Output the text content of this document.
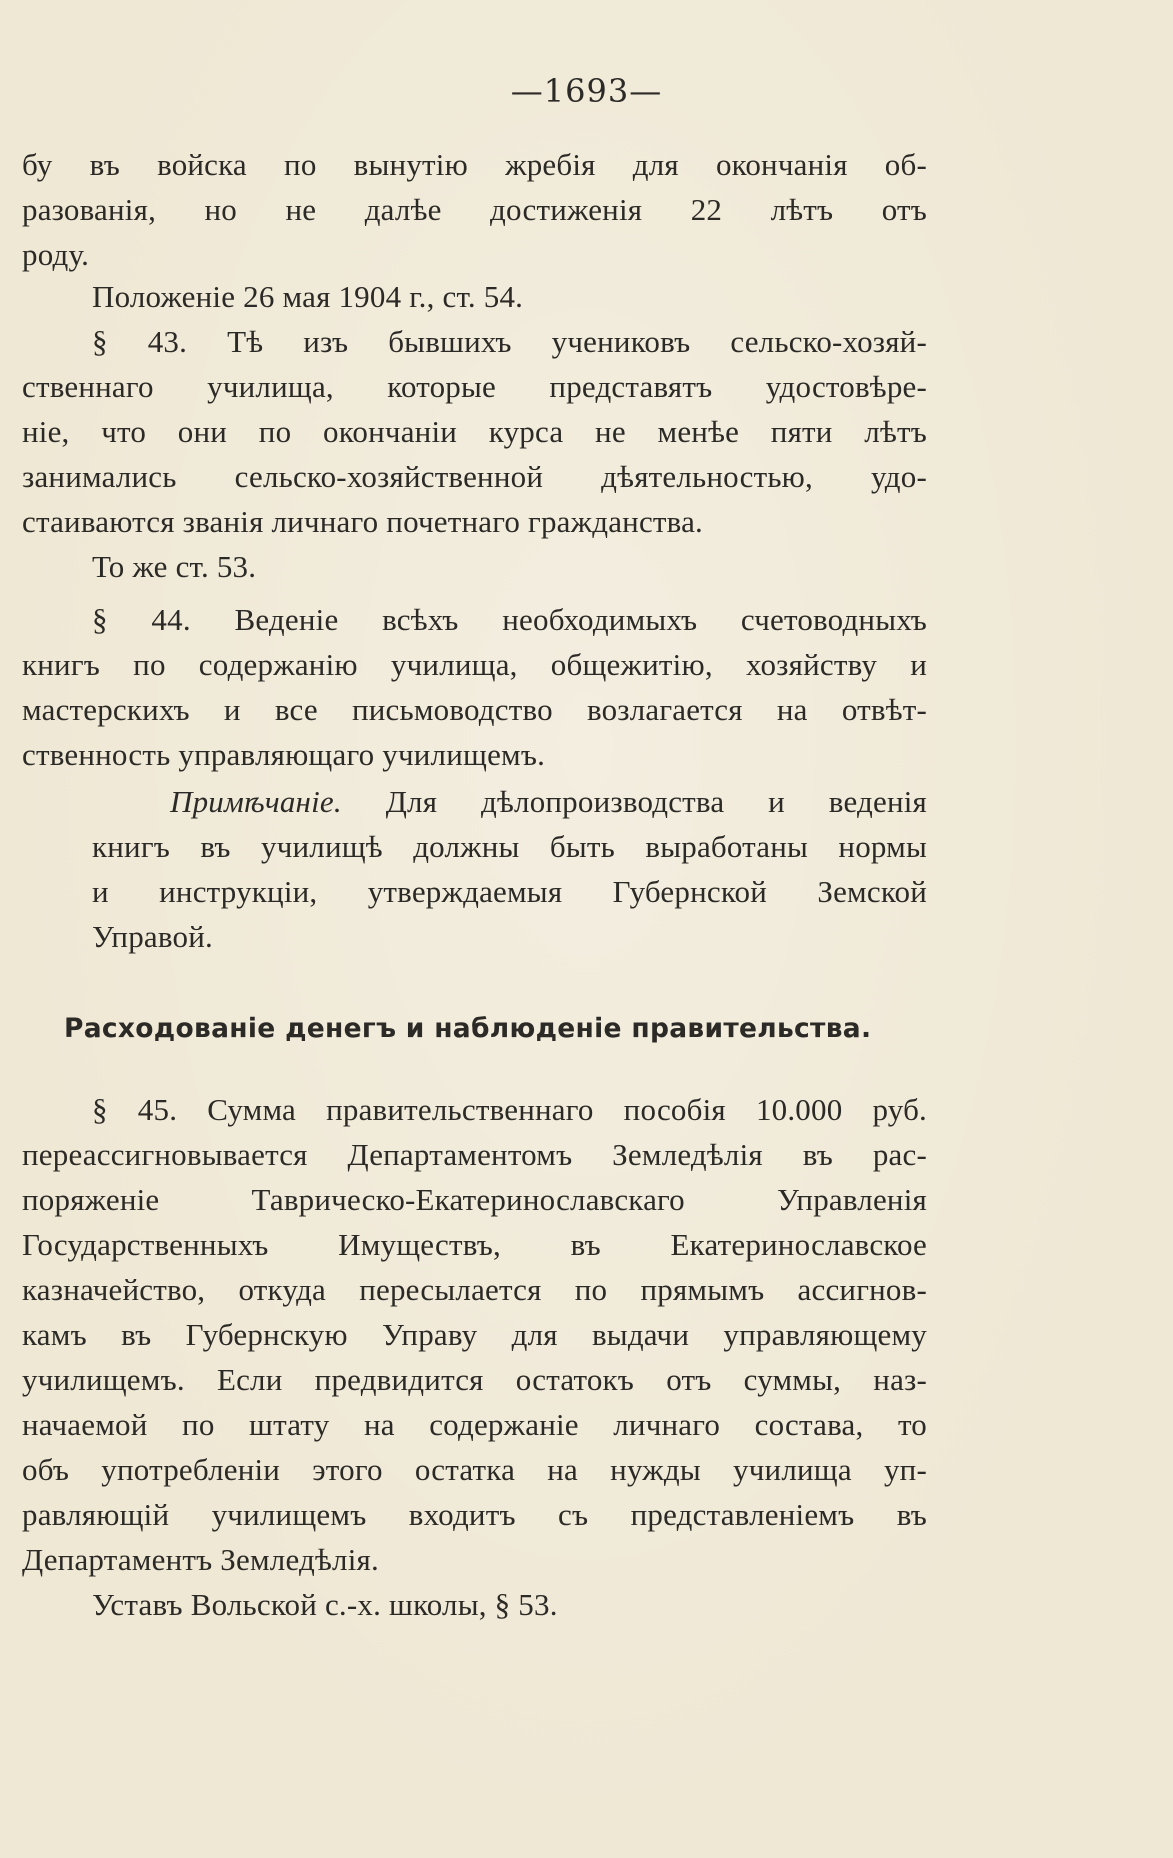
—1693—
бу въ войска по вынутію жребія для окончанія об-
разованія, но не далѣе достиженія 22 лѣтъ отъ
роду.
Положеніе 26 мая 1904 г., ст. 54.
§ 43. Тѣ изъ бывшихъ учениковъ сельско-хозяй-
ственнаго училища, которые представятъ удостовѣре-
ніе, что они по окончаніи курса не менѣе пяти лѣтъ
занимались сельско-хозяйственной дѣятельностью, удо-
стаиваются званія личнаго почетнаго гражданства.
То же ст. 53.
§ 44. Веденіе всѣхъ необходимыхъ счетоводныхъ
книгъ по содержанію училища, общежитію, хозяйству и
мастерскихъ и все письмоводство возлагается на отвѣт-
ственность управляющаго училищемъ.
Примѣчаніе. Для дѣлопроизводства и веденія
книгъ въ училищѣ должны быть выработаны нормы
и инструкціи, утверждаемыя Губернской Земской
Управой.
Расходованіе денегъ и наблюденіе правительства.
§ 45. Сумма правительственнаго пособія 10.000 руб.
переассигновывается Департаментомъ Земледѣлія въ рас-
поряженіе Таврическо-Екатеринославскаго Управленія
Государственныхъ Имуществъ, въ Екатеринославское
казначейство, откуда пересылается по прямымъ ассигнов-
камъ въ Губернскую Управу для выдачи управляющему
училищемъ. Если предвидится остатокъ отъ суммы, наз-
начаемой по штату на содержаніе личнаго состава, то
объ употребленіи этого остатка на нужды училища уп-
равляющій училищемъ входитъ съ представленіемъ въ
Департаментъ Земледѣлія.
Уставъ Вольской с.-х. школы, § 53.
